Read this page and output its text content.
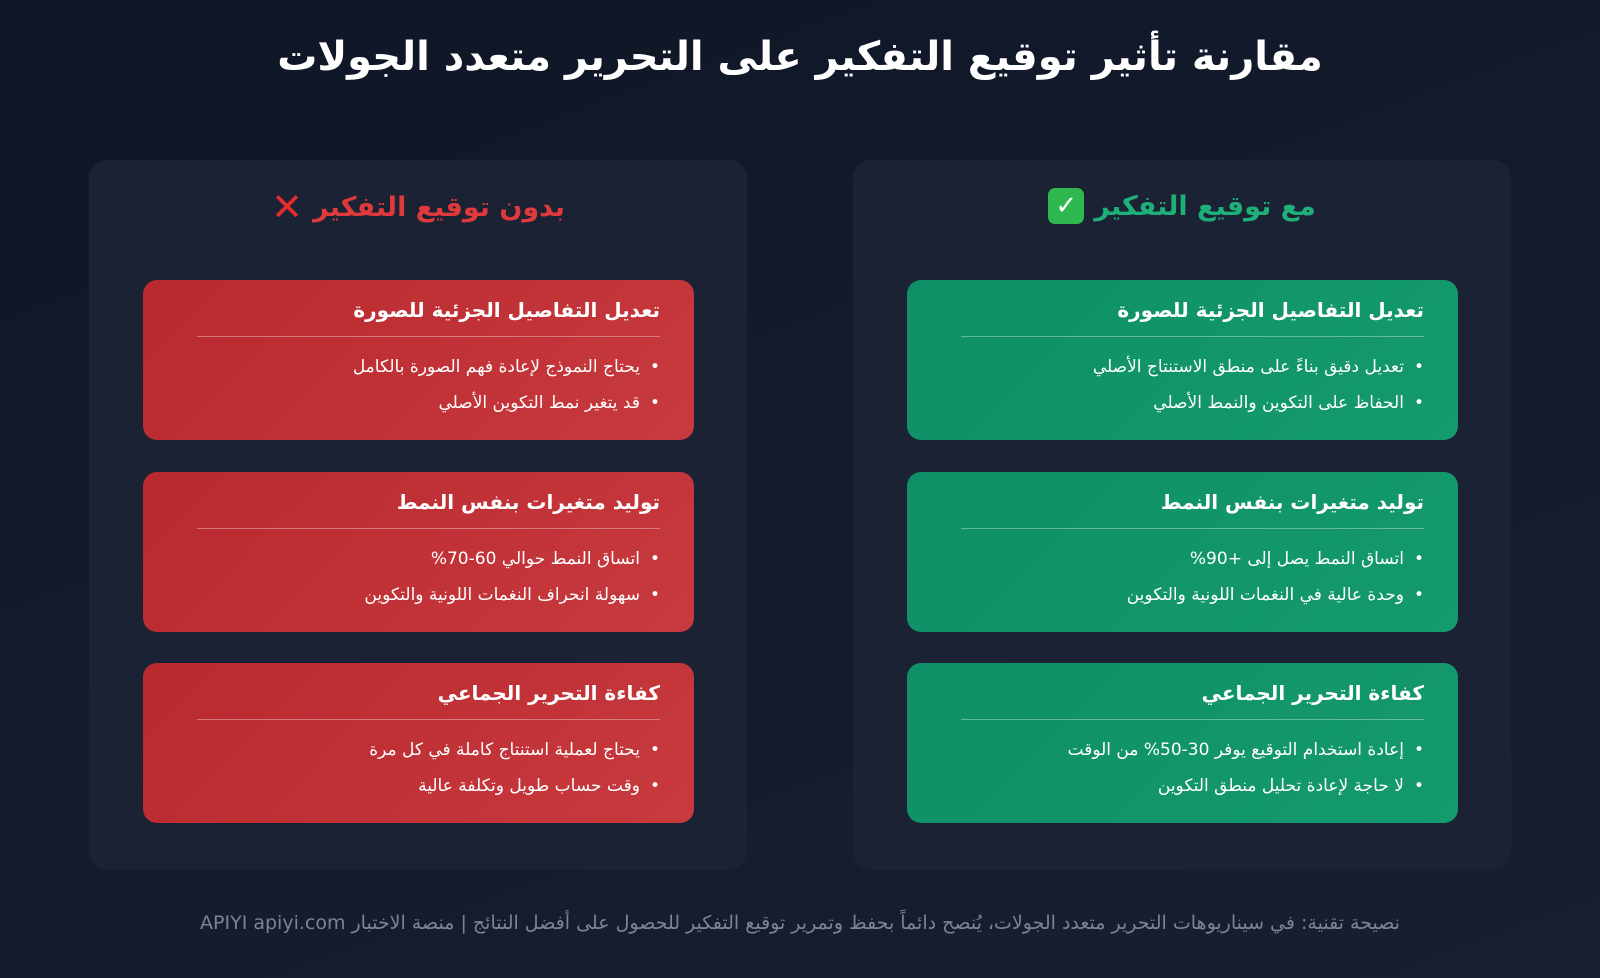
مقارنة تأثير توقيع التفكير على التحرير متعدد الجولات
مع توقيع التفكير
✓
تعديل التفاصيل الجزئية للصورة
• تعديل دقيق بناءً على منطق الاستنتاج الأصلي
• الحفاظ على التكوين والنمط الأصلي
توليد متغيرات بنفس النمط
• اتساق النمط يصل إلى +90%
• وحدة عالية في النغمات اللونية والتكوين
كفاءة التحرير الجماعي
• إعادة استخدام التوقيع يوفر 30-50% من الوقت
• لا حاجة لإعادة تحليل منطق التكوين
بدون توقيع التفكير
✕
تعديل التفاصيل الجزئية للصورة
• يحتاج النموذج لإعادة فهم الصورة بالكامل
• قد يتغير نمط التكوين الأصلي
توليد متغيرات بنفس النمط
• اتساق النمط حوالي 60-70%
• سهولة انحراف النغمات اللونية والتكوين
كفاءة التحرير الجماعي
• يحتاج لعملية استنتاج كاملة في كل مرة
• وقت حساب طويل وتكلفة عالية
نصيحة تقنية: في سيناريوهات التحرير متعدد الجولات، يُنصح دائماً بحفظ وتمرير توقيع التفكير للحصول على أفضل النتائج | منصة الاختبار APIYI apiyi.com
